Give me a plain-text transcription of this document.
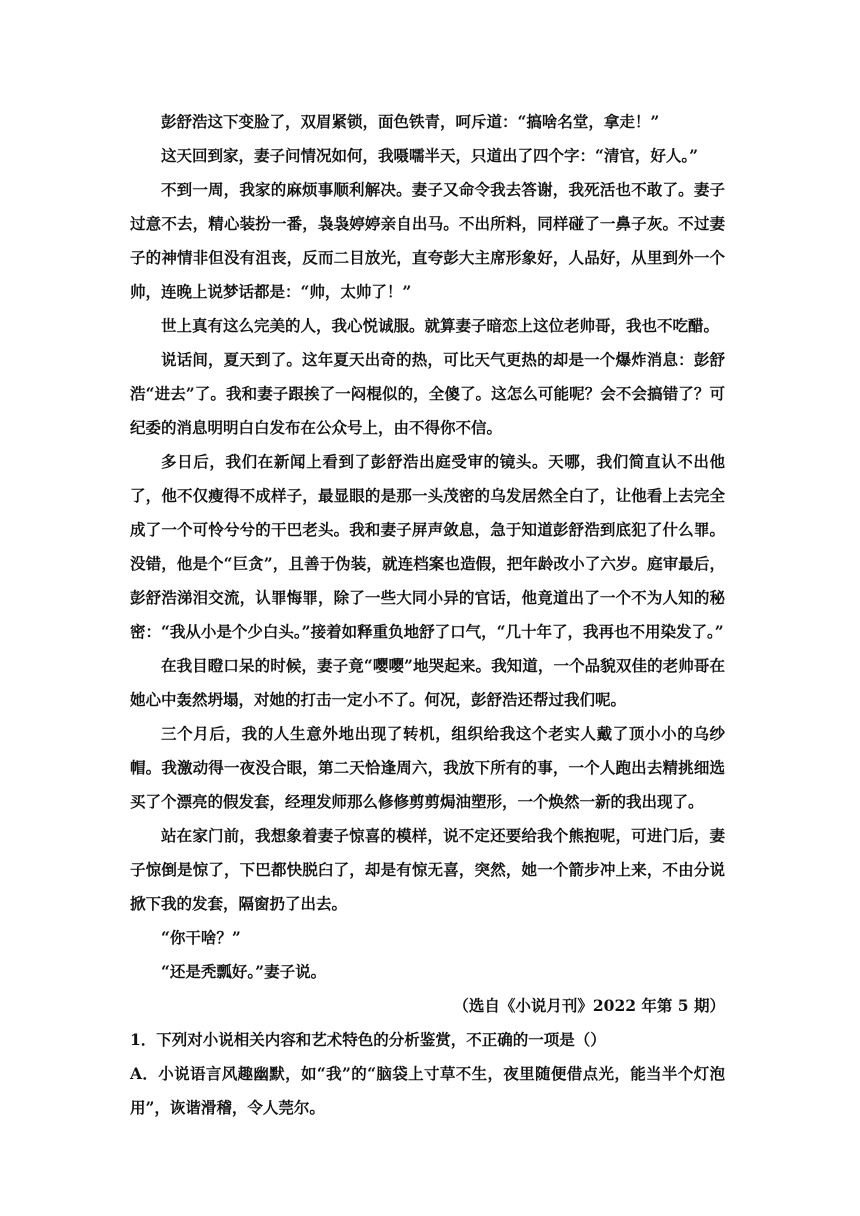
彭舒浩这下变脸了，双眉紧锁，面色铁青，呵斥道：“搞啥名堂，拿走！”

这天回到家，妻子问情况如何，我嗫嚅半天，只道出了四个字：“清官，好人。”

不到一周，我家的麻烦事顺利解决。妻子又命令我去答谢，我死活也不敢了。妻子过意不去，精心装扮一番，袅袅婷婷亲自出马。不出所料，同样碰了一鼻子灰。不过妻子的神情非但没有沮丧，反而二目放光，直夸彭大主席形象好，人品好，从里到外一个帅，连晚上说梦话都是：“帅，太帅了！”

世上真有这么完美的人，我心悦诚服。就算妻子暗恋上这位老帅哥，我也不吃醋。

说话间，夏天到了。这年夏天出奇的热，可比天气更热的却是一个爆炸消息：彭舒浩“进去”了。我和妻子跟挨了一闷棍似的，全傻了。这怎么可能呢？会不会搞错了？可纪委的消息明明白白发布在公众号上，由不得你不信。

多日后，我们在新闻上看到了彭舒浩出庭受审的镜头。天哪，我们简直认不出他了，他不仅瘦得不成样子，最显眼的是那一头茂密的乌发居然全白了，让他看上去完全成了一个可怜兮兮的干巴老头。我和妻子屏声敛息，急于知道彭舒浩到底犯了什么罪。没错，他是个“巨贪”，且善于伪装，就连档案也造假，把年龄改小了六岁。庭审最后，彭舒浩涕泪交流，认罪悔罪，除了一些大同小异的官话，他竟道出了一个不为人知的秘密：“我从小是个少白头。”接着如释重负地舒了口气，“几十年了，我再也不用染发了。”

在我目瞪口呆的时候，妻子竟“嘤嘤”地哭起来。我知道，一个品貌双佳的老帅哥在她心中轰然坍塌，对她的打击一定小不了。何况，彭舒浩还帮过我们呢。

三个月后，我的人生意外地出现了转机，组织给我这个老实人戴了顶小小的乌纱帽。我激动得一夜没合眼，第二天恰逢周六，我放下所有的事，一个人跑出去精挑细选买了个漂亮的假发套，经理发师那么修修剪剪焗油塑形，一个焕然一新的我出现了。

站在家门前，我想象着妻子惊喜的模样，说不定还要给我个熊抱呢，可进门后，妻子惊倒是惊了，下巴都快脱臼了，却是有惊无喜，突然，她一个箭步冲上来，不由分说掀下我的发套，隔窗扔了出去。

“你干啥？”

“还是秃瓢好。”妻子说。

（选自《小说月刊》2022 年第 5 期）

1．下列对小说相关内容和艺术特色的分析鉴赏，不正确的一项是（）

A．小说语言风趣幽默，如“我”的“脑袋上寸草不生，夜里随便借点光，能当半个灯泡用”，诙谐滑稽，令人莞尔。
